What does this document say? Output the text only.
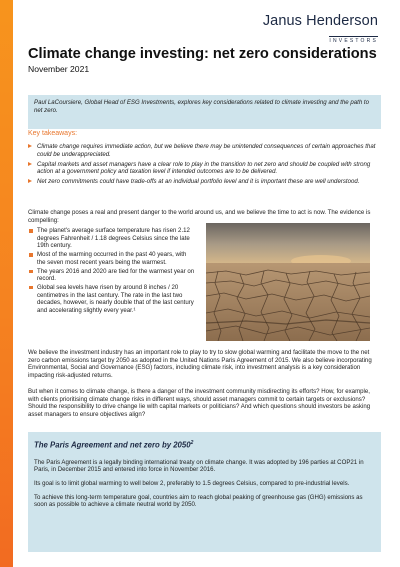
Janus Henderson
INVESTORS
Climate change investing: net zero considerations
November 2021
Paul LaCoursiere, Global Head of ESG Investments, explores key considerations related to climate investing and the path to net zero.
Key takeaways:
Climate change requires immediate action, but we believe there may be unintended consequences of certain approaches that could be underappreciated.
Capital markets and asset managers have a clear role to play in the transition to net zero and should be coupled with strong action at a government policy and taxation level if intended outcomes are to be delivered.
Net zero commitments could have trade-offs at an individual portfolio level and it is important these are well understood.
Climate change poses a real and present danger to the world around us, and we believe the time to act is now. The evidence is compelling:
The planet's average surface temperature has risen 2.12 degrees Fahrenheit / 1.18 degrees Celsius since the late 19th century.
Most of the warming occurred in the past 40 years, with the seven most recent years being the warmest.
The years 2016 and 2020 are tied for the warmest year on record.
Global sea levels have risen by around 8 inches / 20 centimetres in the last century. The rate in the last two decades, however, is nearly double that of the last century and accelerating slightly every year.¹
We believe the investment industry has an important role to play to try to slow global warming and facilitate the move to the net zero carbon emissions target by 2050 as adopted in the United Nations Paris Agreement of 2015. We also believe incorporating Environmental, Social and Governance (ESG) factors, including climate risk, into investment analysis is a key consideration impacting risk-adjusted returns.
But when it comes to climate change, is there a danger of the investment community misdirecting its efforts? How, for example, with clients prioritising climate change risks in different ways, should asset managers commit to certain targets or exclusions? Should the responsibility to drive change lie with capital markets or politicians? And which questions should investors be asking asset managers to ensure objectives align?
The Paris Agreement and net zero by 2050$^2$
The Paris Agreement is a legally binding international treaty on climate change. It was adopted by 196 parties at COP21 in Paris, in December 2015 and entered into force in November 2016.
Its goal is to limit global warming to well below 2, preferably to 1.5 degrees Celsius, compared to pre-industrial levels.
To achieve this long-term temperature goal, countries aim to reach global peaking of greenhouse gas (GHG) emissions as soon as possible to achieve a climate neutral world by 2050.
